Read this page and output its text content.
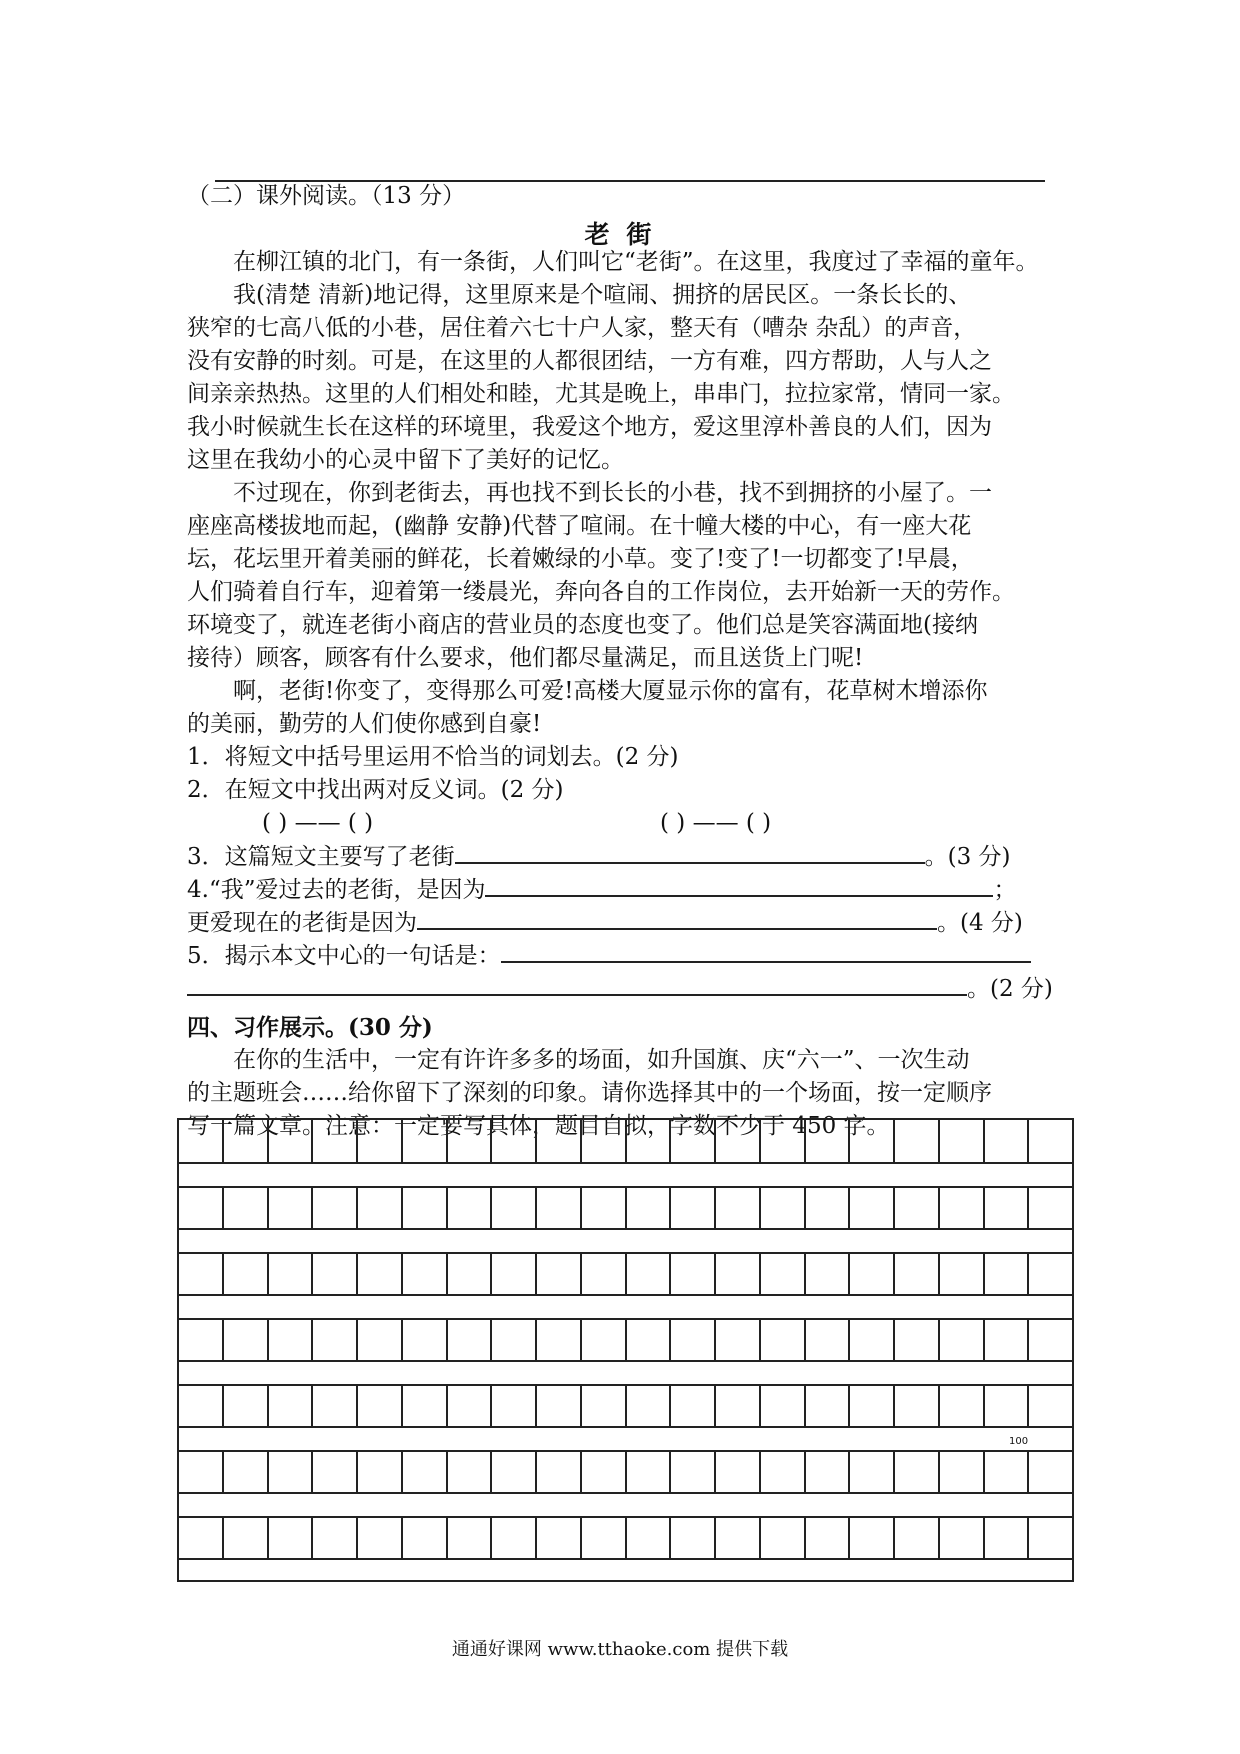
（二）课外阅读。（13 分）
老 街
在柳江镇的北门，有一条街，人们叫它“老街”。在这里，我度过了幸福的童年。
我(清楚 清新)地记得，这里原来是个喧闹、拥挤的居民区。一条长长的、
狭窄的七高八低的小巷，居住着六七十户人家，整天有（嘈杂 杂乱）的声音，
没有安静的时刻。可是，在这里的人都很团结，一方有难，四方帮助，人与人之
间亲亲热热。这里的人们相处和睦，尤其是晚上，串串门，拉拉家常，情同一家。
我小时候就生长在这样的环境里，我爱这个地方，爱这里淳朴善良的人们，因为
这里在我幼小的心灵中留下了美好的记忆。
不过现在，你到老街去，再也找不到长长的小巷，找不到拥挤的小屋了。一
座座高楼拔地而起，(幽静 安静)代替了喧闹。在十幢大楼的中心，有一座大花
坛，花坛里开着美丽的鲜花，长着嫩绿的小草。变了!变了!一切都变了!早晨，
人们骑着自行车，迎着第一缕晨光，奔向各自的工作岗位，去开始新一天的劳作。
环境变了，就连老街小商店的营业员的态度也变了。他们总是笑容满面地(接纳
接待）顾客，顾客有什么要求，他们都尽量满足，而且送货上门呢!
啊，老街!你变了，变得那么可爱!高楼大厦显示你的富有，花草树木增添你
的美丽，勤劳的人们使你感到自豪!
1．将短文中括号里运用不恰当的词划去。(2 分)
2．在短文中找出两对反义词。(2 分)
( ) —— ( )	( ) —— ( )
3．这篇短文主要写了老街	。(3 分)
4.“我”爱过去的老街，是因为	；
更爱现在的老街是因为	。(4 分)
5．揭示本文中心的一句话是：
。(2 分)
四、习作展示。(30 分)
在你的生活中，一定有许许多多的场面，如升国旗、庆“六一”、一次生动
的主题班会……给你留下了深刻的印象。请你选择其中的一个场面，按一定顺序
写一篇文章。注意：一定要写具体，题目自拟，字数不少于 450 字。
100
通通好课网 www.tthaoke.com 提供下载
